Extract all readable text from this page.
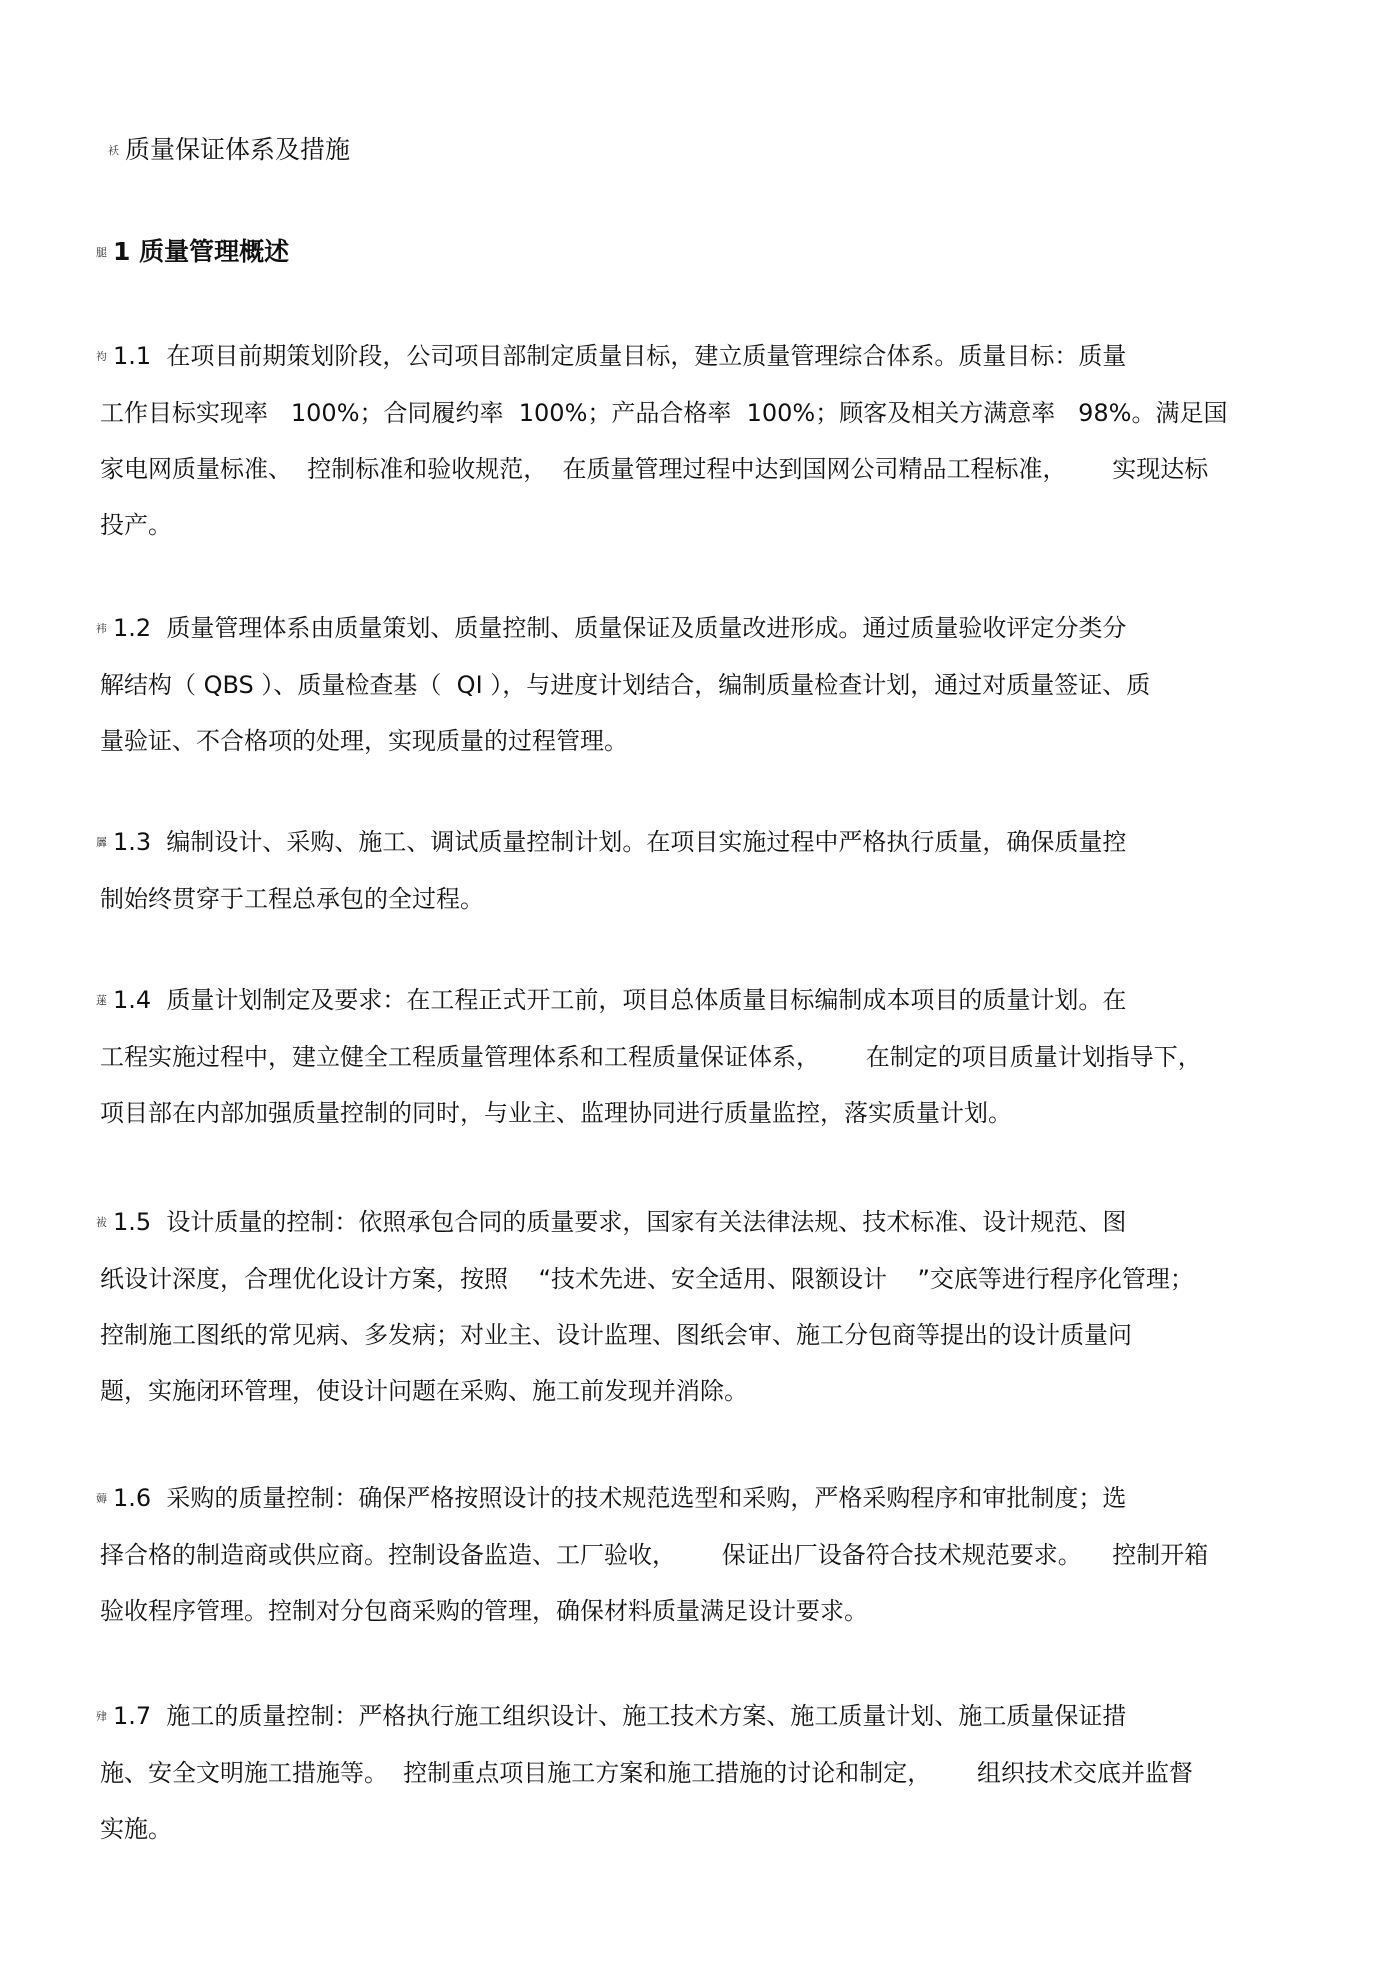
袄 质量保证体系及措施
腿 1 质量管理概述
袀 1.1  在项目前期策划阶段，公司项目部制定质量目标，建立质量管理综合体系。质量目标：质量
工作目标实现率   100%；合同履约率  100%；产品合格率  100%；顾客及相关方满意率   98%。满足国
家电网质量标准、  控制标准和验收规范，  在质量管理过程中达到国网公司精品工程标准，      实现达标
投产。
袆 1.2  质量管理体系由质量策划、质量控制、质量保证及质量改进形成。通过质量验收评定分类分
解结构（ QBS ）、质量检查基（  QI ），与进度计划结合，编制质量检查计划，通过对质量签证、质
量验证、不合格项的处理，实现质量的过程管理。
羼 1.3  编制设计、采购、施工、调试质量控制计划。在项目实施过程中严格执行质量，确保质量控
制始终贯穿于工程总承包的全过程。
蒾 1.4  质量计划制定及要求：在工程正式开工前，项目总体质量目标编制成本项目的质量计划。在
工程实施过程中，建立健全工程质量管理体系和工程质量保证体系，      在制定的项目质量计划指导下，
项目部在内部加强质量控制的同时，与业主、监理协同进行质量监控，落实质量计划。
袚 1.5  设计质量的控制：依照承包合同的质量要求，国家有关法律法规、技术标准、设计规范、图
纸设计深度，合理优化设计方案，按照    “技术先进、安全适用、限额设计    ”交底等进行程序化管理；
控制施工图纸的常见病、多发病；对业主、设计监理、图纸会审、施工分包商等提出的设计质量问
题，实施闭环管理，使设计问题在采购、施工前发现并消除。
薅 1.6  采购的质量控制：确保严格按照设计的技术规范选型和采购，严格采购程序和审批制度；选
择合格的制造商或供应商。控制设备监造、工厂验收，      保证出厂设备符合技术规范要求。    控制开箱
验收程序管理。控制对分包商采购的管理，确保材料质量满足设计要求。
肂 1.7  施工的质量控制：严格执行施工组织设计、施工技术方案、施工质量计划、施工质量保证措
施、安全文明施工措施等。  控制重点项目施工方案和施工措施的讨论和制定，      组织技术交底并监督
实施。
